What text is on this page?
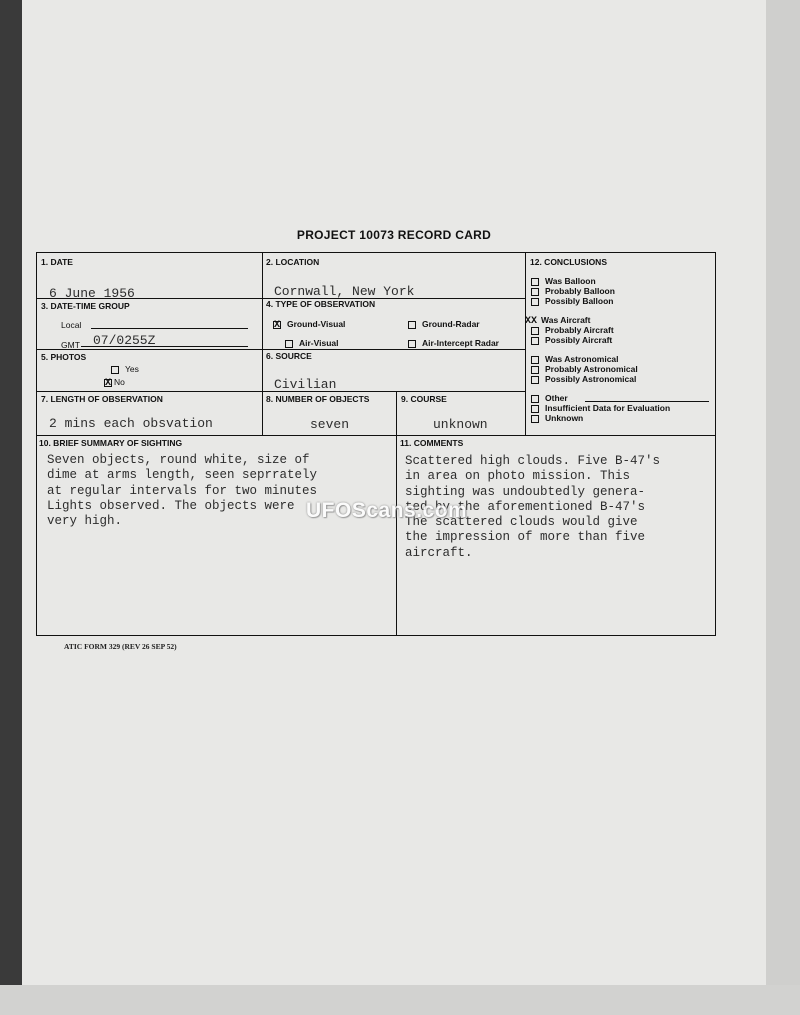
PROJECT 10073 RECORD CARD
ATIC FORM 329 (REV 26 SEP 52)
1. DATE
6 June 1956
2. LOCATION
Cornwall, New York
3. DATE-TIME GROUP
Local
GMT 07/0255Z
4. TYPE OF OBSERVATION
X Ground-Visual	Ground-Radar
Air-Visual	Air-Intercept Radar
5. PHOTOS
Yes
X No
6. SOURCE
Civilian
7. LENGTH OF OBSERVATION
2 mins each obsvation
8. NUMBER OF OBJECTS
seven
9. COURSE
unknown
10. BRIEF SUMMARY OF SIGHTING
Seven objects, round white, size of
dime at arms length, seen seprrately
at regular intervals for two minutes
Lights observed. The objects were
very high.
11. COMMENTS
Scattered high clouds. Five B-47's
in area on photo mission. This
sighting was undoubtedly genera-
ted by the aforementioned B-47's
The scattered clouds would give
the impression of more than five
aircraft.
12. CONCLUSIONS
Was Balloon
Probably Balloon
Possibly Balloon
XX Was Aircraft
Probably Aircraft
Possibly Aircraft
Was Astronomical
Probably Astronomical
Possibly Astronomical
Other
Insufficient Data for Evaluation
Unknown
UFOScans.com
